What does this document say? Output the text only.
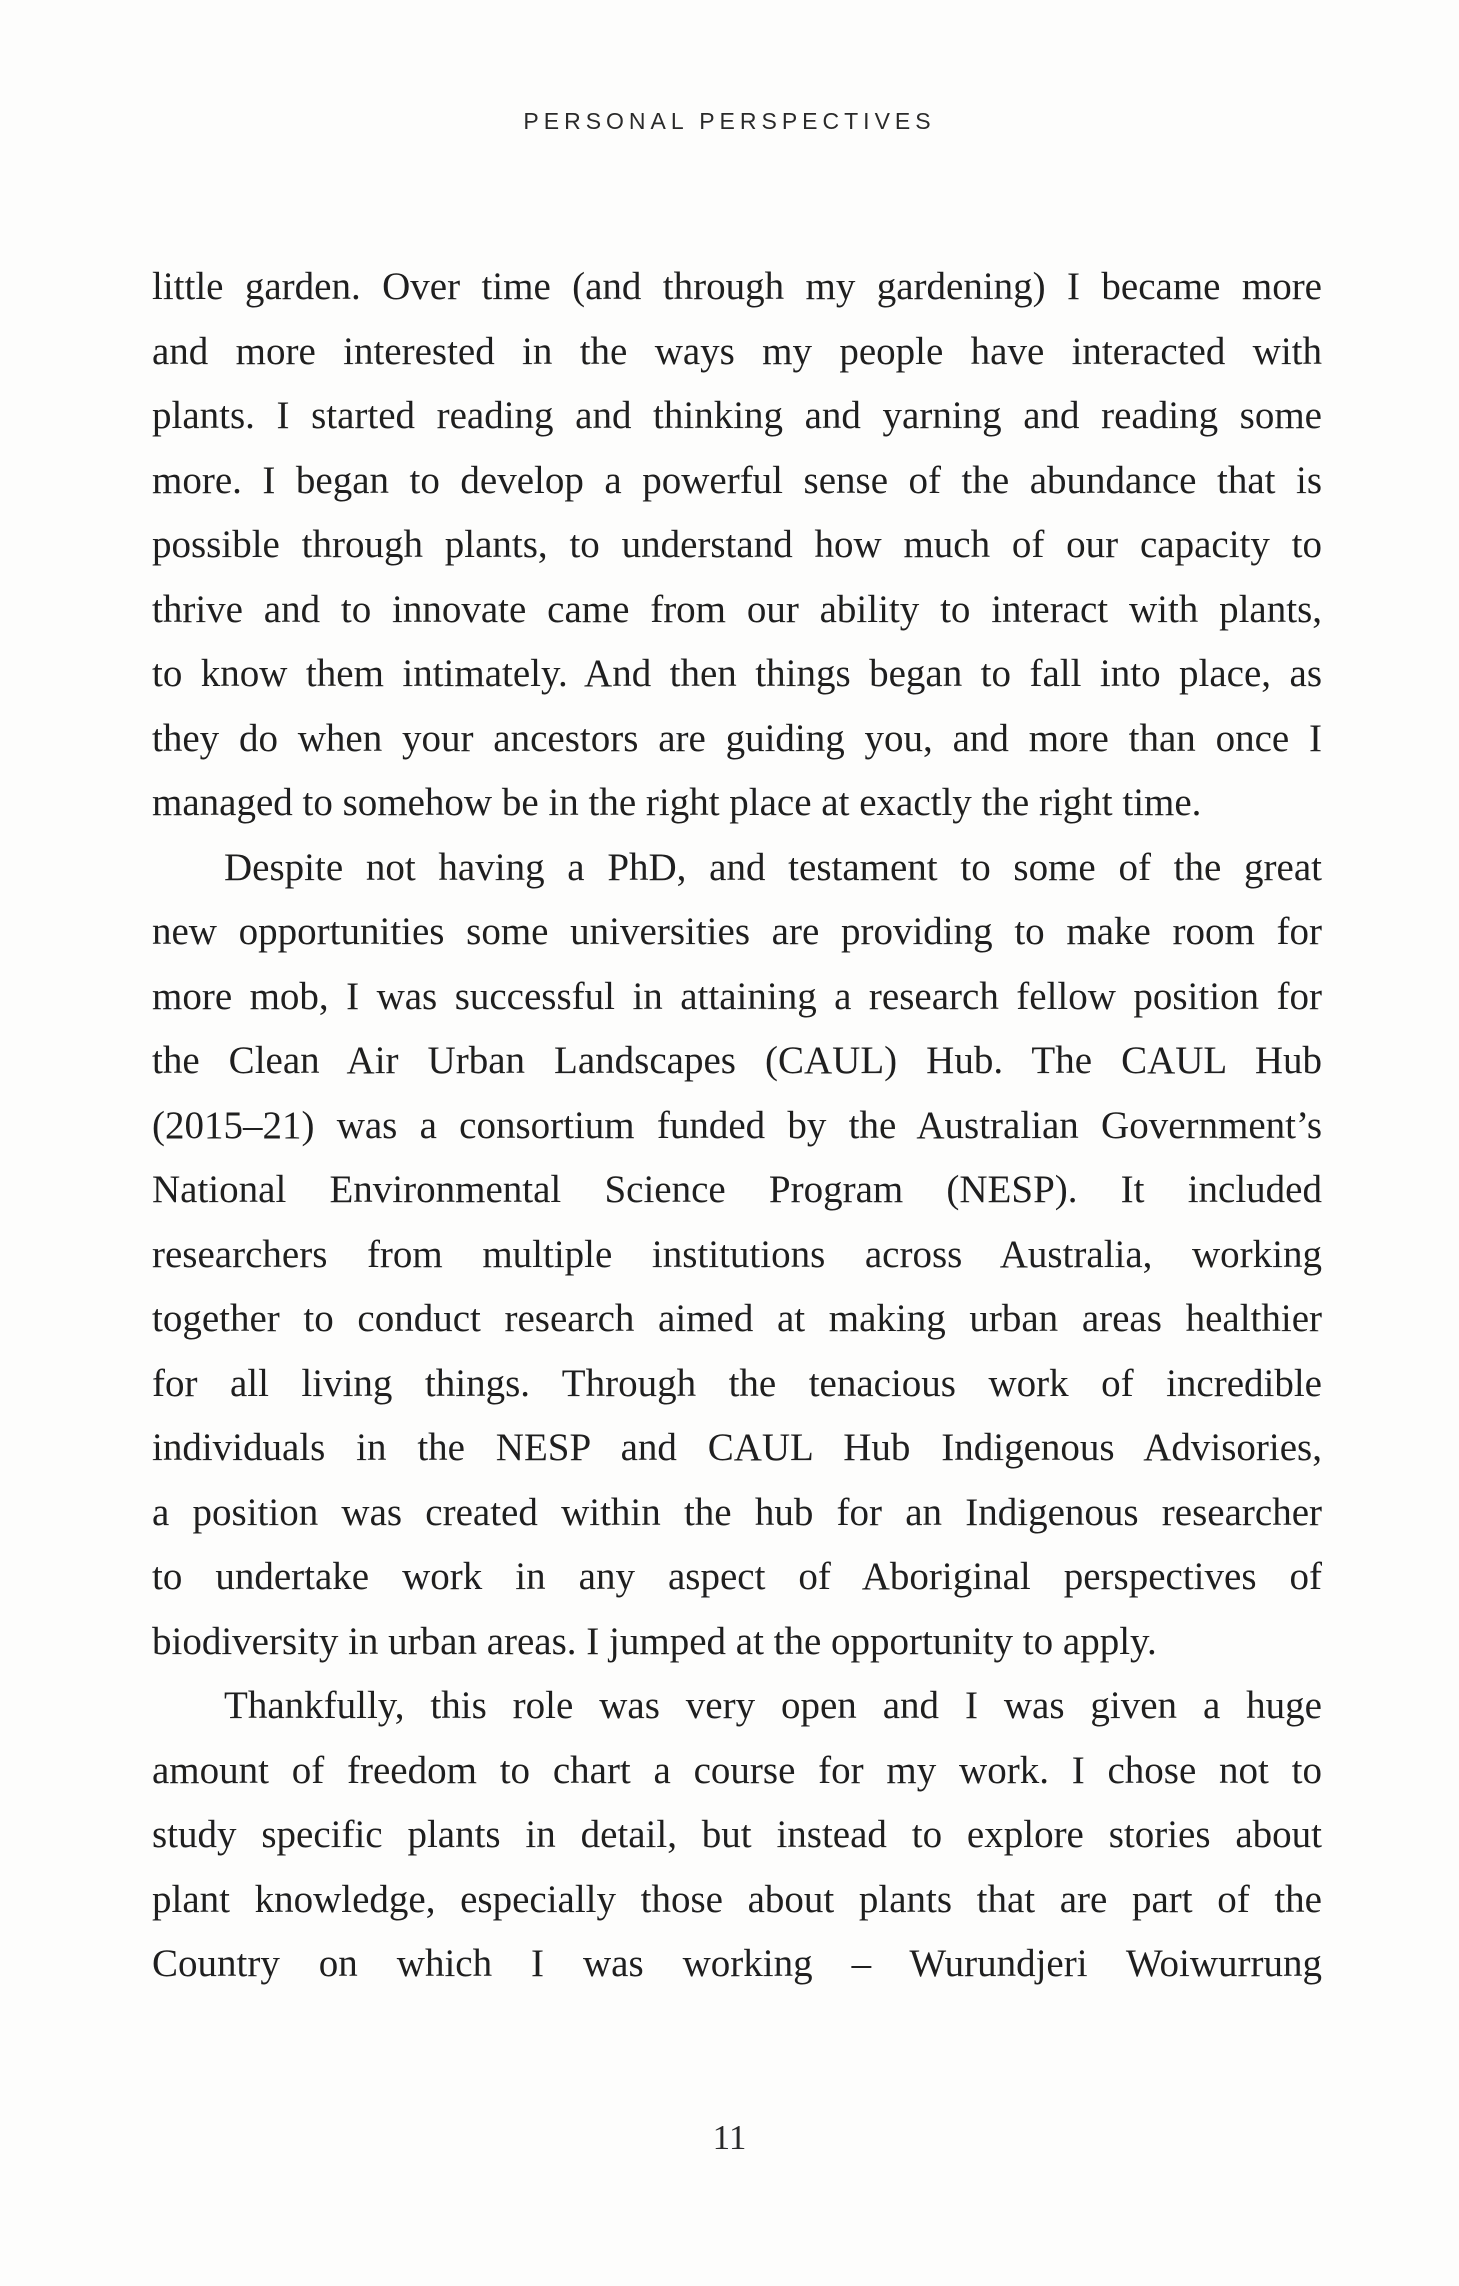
PERSONAL PERSPECTIVES
little garden. Over time (and through my gardening) I became more
and more interested in the ways my people have interacted with
plants. I started reading and thinking and yarning and reading some
more. I began to develop a powerful sense of the abundance that is
possible through plants, to understand how much of our capacity to
thrive and to innovate came from our ability to interact with plants,
to know them intimately. And then things began to fall into place, as
they do when your ancestors are guiding you, and more than once I
managed to somehow be in the right place at exactly the right time.
Despite not having a PhD, and testament to some of the great
new opportunities some universities are providing to make room for
more mob, I was successful in attaining a research fellow position for
the Clean Air Urban Landscapes (CAUL) Hub. The CAUL Hub
(2015–21) was a consortium funded by the Australian Government’s
National Environmental Science Program (NESP). It included
researchers from multiple institutions across Australia, working
together to conduct research aimed at making urban areas healthier
for all living things. Through the tenacious work of incredible
individuals in the NESP and CAUL Hub Indigenous Advisories,
a position was created within the hub for an Indigenous researcher
to undertake work in any aspect of Aboriginal perspectives of
biodiversity in urban areas. I jumped at the opportunity to apply.
Thankfully, this role was very open and I was given a huge
amount of freedom to chart a course for my work. I chose not to
study specific plants in detail, but instead to explore stories about
plant knowledge, especially those about plants that are part of the
Country on which I was working – Wurundjeri Woiwurrung
11
